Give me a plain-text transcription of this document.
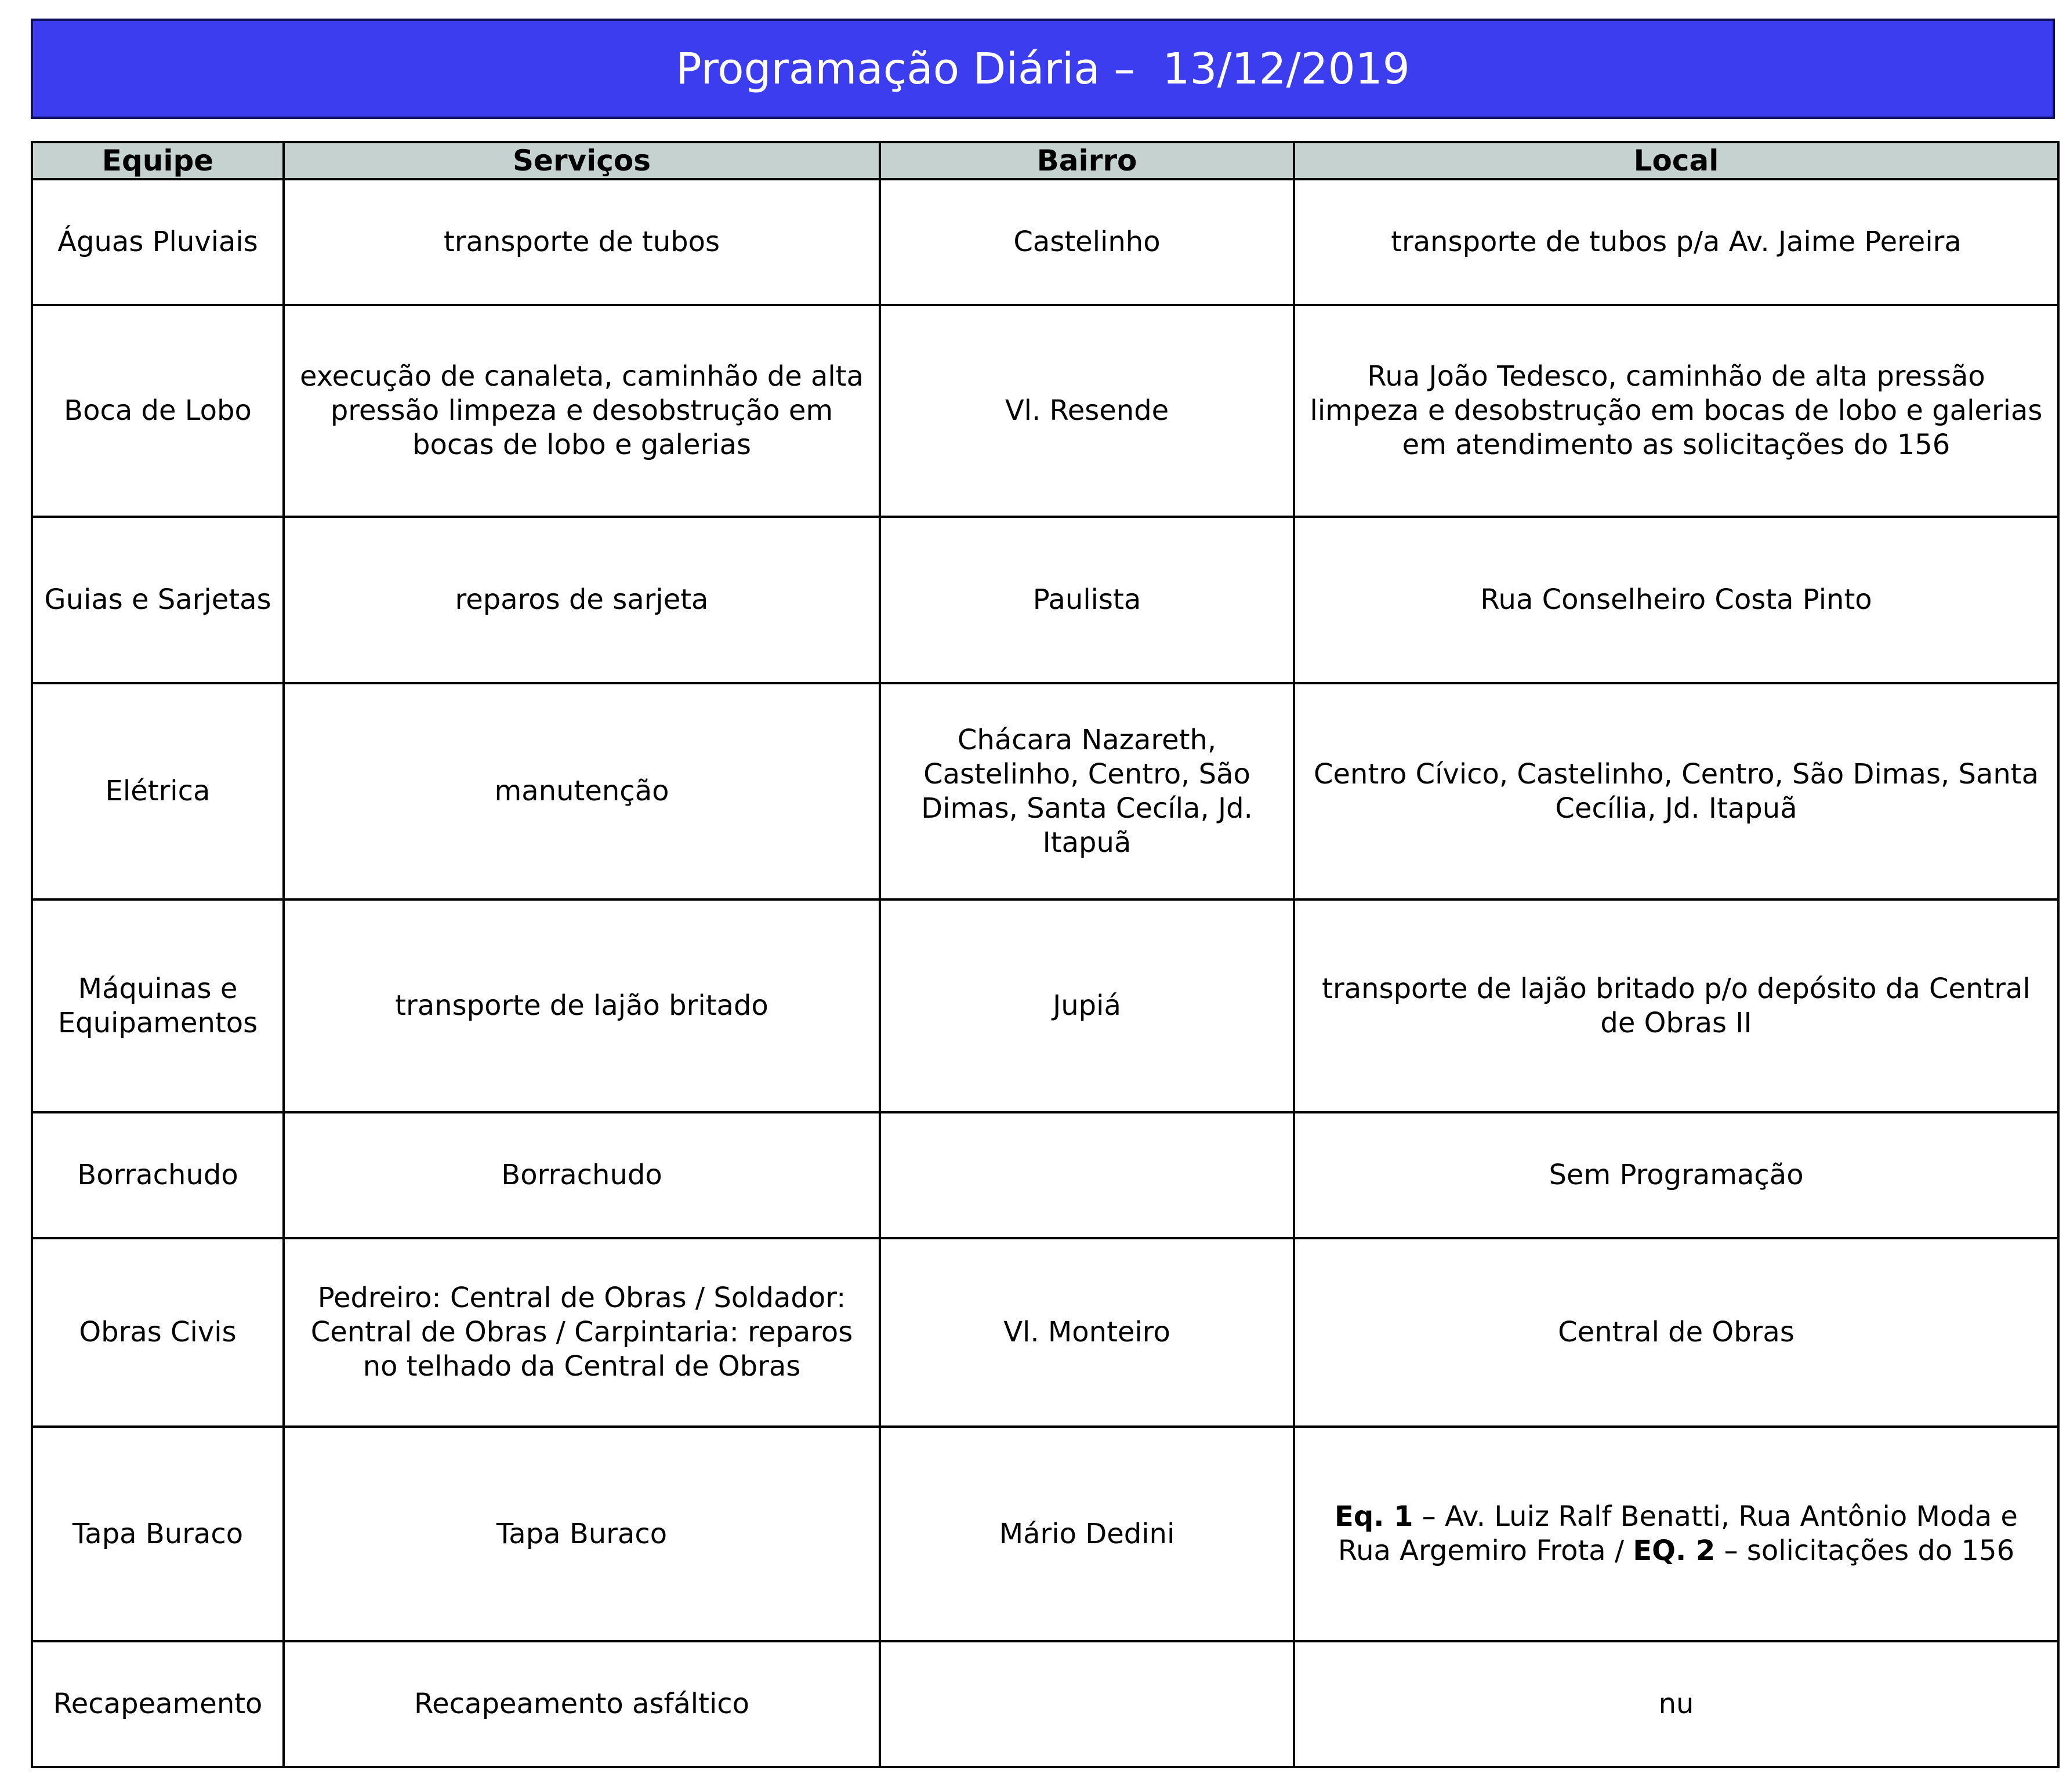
Programação Diária –  13/12/2019
Equipe	Serviços	Bairro	Local
Águas Pluviais	transporte de tubos	Castelinho	transporte de tubos p/a Av. Jaime Pereira
Boca de Lobo	execução de canaleta, caminhão de alta pressão limpeza e desobstrução em bocas de lobo e galerias	Vl. Resende	Rua João Tedesco, caminhão de alta pressão limpeza e desobstrução em bocas de lobo e galerias em atendimento as solicitações do 156
Guias e Sarjetas	reparos de sarjeta	Paulista	Rua Conselheiro Costa Pinto
Elétrica	manutenção	Chácara Nazareth, Castelinho, Centro, São Dimas, Santa Cecíla, Jd. Itapuã	Centro Cívico, Castelinho, Centro, São Dimas, Santa Cecília, Jd. Itapuã
Máquinas e Equipamentos	transporte de lajão britado	Jupiá	transporte de lajão britado p/o depósito da Central de Obras II
Borrachudo	Borrachudo		Sem Programação
Obras Civis	Pedreiro: Central de Obras / Soldador: Central de Obras / Carpintaria: reparos no telhado da Central de Obras	Vl. Monteiro	Central de Obras
Tapa Buraco	Tapa Buraco	Mário Dedini	Eq. 1 – Av. Luiz Ralf Benatti, Rua Antônio Moda e Rua Argemiro Frota / EQ. 2 – solicitações do 156
Recapeamento	Recapeamento asfáltico		nu
